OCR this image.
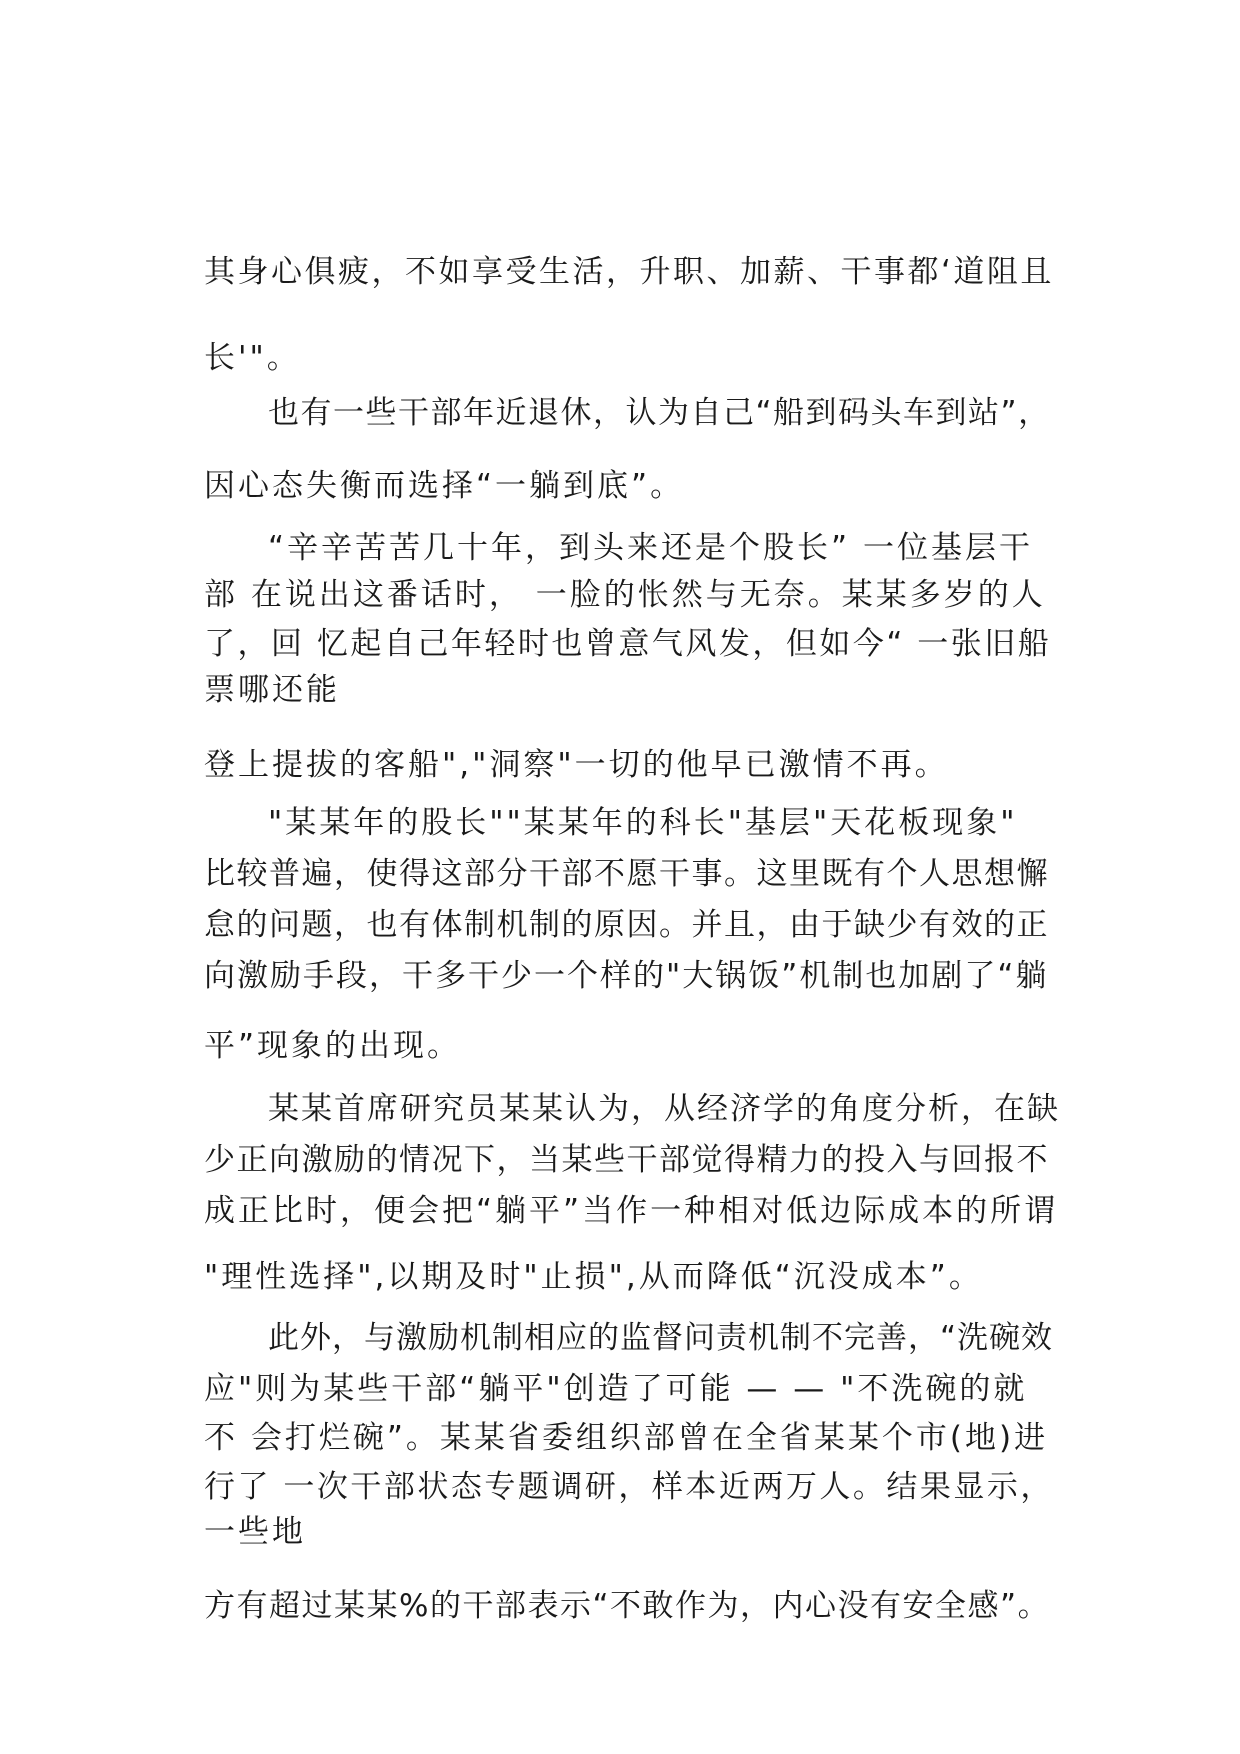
其身心俱疲，不如享受生活，升职、加薪、干事都‘道阻且

长'"。

也有一些干部年近退休，认为自己“船到码头车到站”，

因心态失衡而选择“一躺到底”。

“辛辛苦苦几十年，到头来还是个股长” 一位基层干

部 在说出这番话时， 一脸的怅然与无奈。某某多岁的人

了，回 忆起自己年轻时也曾意气风发，但如今“ 一张旧船

票哪还能

登上提拔的客船","洞察"一切的他早已激情不再。

"某某年的股长""某某年的科长"基层"天花板现象"

比较普遍，使得这部分干部不愿干事。这里既有个人思想懈

怠的问题，也有体制机制的原因。并且，由于缺少有效的正

向激励手段，干多干少一个样的"大锅饭”机制也加剧了“躺

平”现象的出现。

某某首席研究员某某认为，从经济学的角度分析，在缺

少正向激励的情况下，当某些干部觉得精力的投入与回报不

成正比时，便会把“躺平”当作一种相对低边际成本的所谓

"理性选择",以期及时"止损",从而降低“沉没成本”。

此外，与激励机制相应的监督问责机制不完善，“洗碗效

应"则为某些干部“躺平"创造了可能 — — "不洗碗的就

不 会打烂碗”。某某省委组织部曾在全省某某个市(地)进

行了 一次干部状态专题调研，样本近两万人。结果显示，

一些地

方有超过某某%的干部表示“不敢作为，内心没有安全感”。
